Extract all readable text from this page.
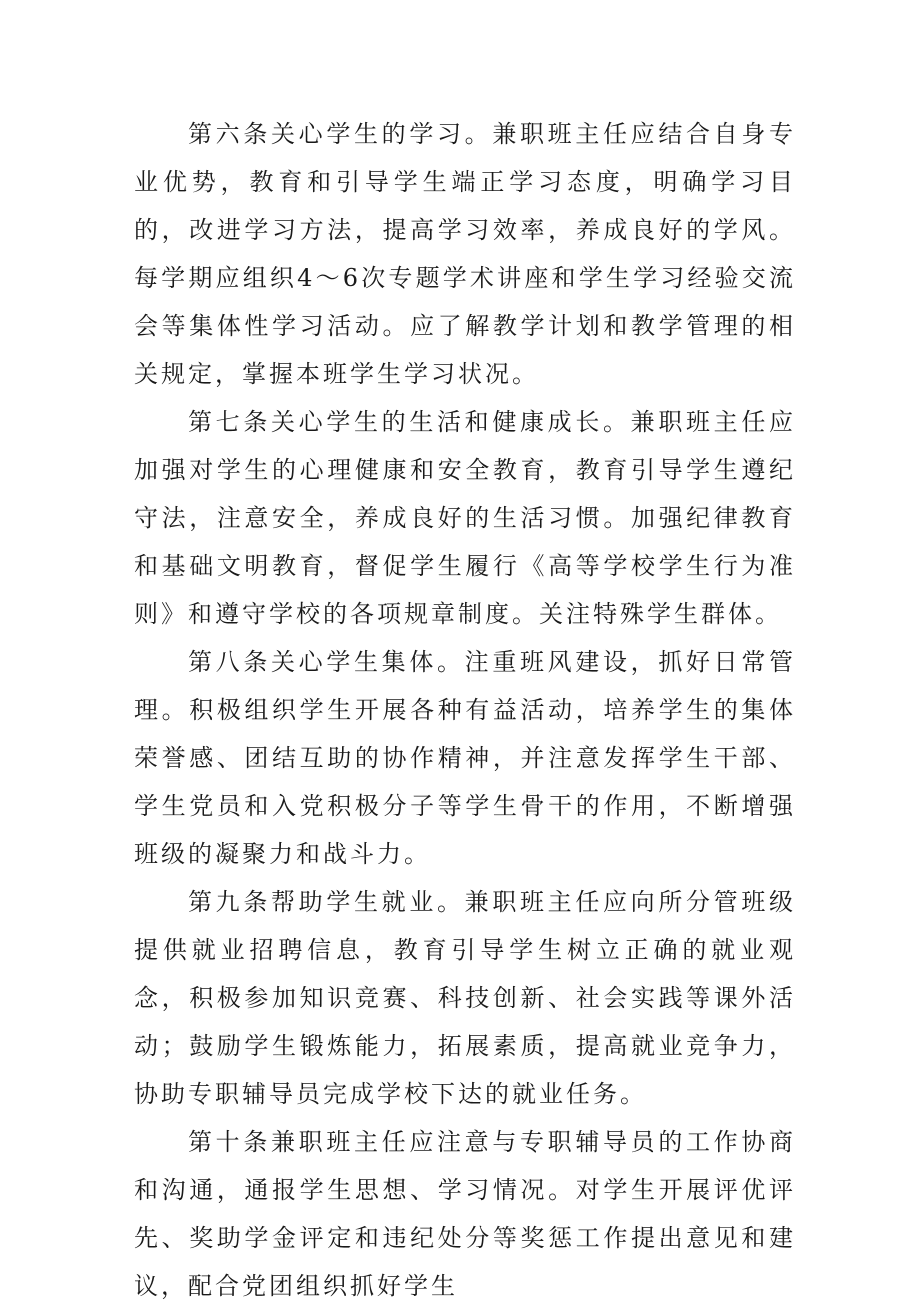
第六条关心学生的学习。兼职班主任应结合自身专业优势，教育和引导学生端正学习态度，明确学习目的，改进学习方法，提高学习效率，养成良好的学风。每学期应组织4～6次专题学术讲座和学生学习经验交流会等集体性学习活动。应了解教学计划和教学管理的相关规定，掌握本班学生学习状况。

第七条关心学生的生活和健康成长。兼职班主任应加强对学生的心理健康和安全教育，教育引导学生遵纪守法，注意安全，养成良好的生活习惯。加强纪律教育和基础文明教育，督促学生履行《高等学校学生行为准则》和遵守学校的各项规章制度。关注特殊学生群体。

第八条关心学生集体。注重班风建设，抓好日常管理。积极组织学生开展各种有益活动，培养学生的集体荣誉感、团结互助的协作精神，并注意发挥学生干部、学生党员和入党积极分子等学生骨干的作用，不断增强班级的凝聚力和战斗力。

第九条帮助学生就业。兼职班主任应向所分管班级提供就业招聘信息，教育引导学生树立正确的就业观念，积极参加知识竞赛、科技创新、社会实践等课外活动；鼓励学生锻炼能力，拓展素质，提高就业竞争力，协助专职辅导员完成学校下达的就业任务。

第十条兼职班主任应注意与专职辅导员的工作协商和沟通，通报学生思想、学习情况。对学生开展评优评先、奖助学金评定和违纪处分等奖惩工作提出意见和建议，配合党团组织抓好学生
